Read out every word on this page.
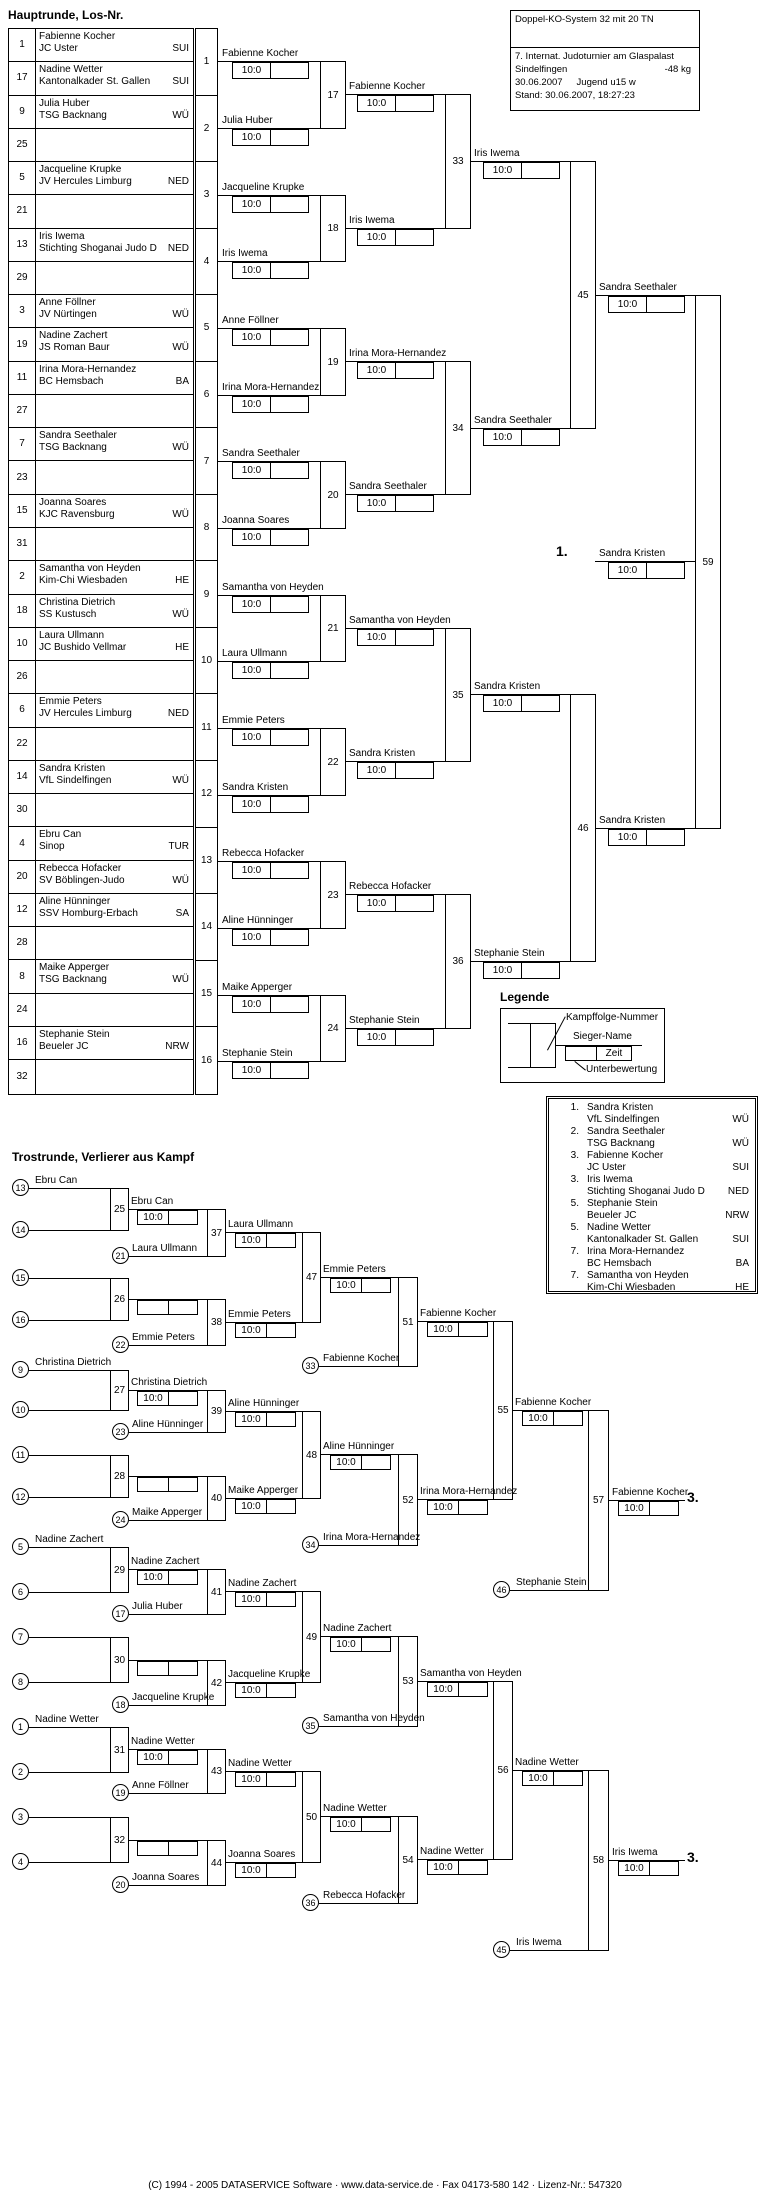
Hauptrunde, Los-Nr.
Trostrunde, Verlierer aus Kampf
Doppel-KO-System 32 mit 20 TN
7. Internat. Judoturnier am Glaspalast
Sindelfingen	-48 kg
30.06.2007 Jugend u15 w
Stand: 30.06.2007, 18:27:23
1
Fabienne Kocher
JC Uster	SUI
17
Nadine Wetter
Kantonalkader St. Gallen SUI
9
Julia Huber
TSG Backnang	WÜ
25
5
Jacqueline Krupke
JV Hercules Limburg	NED
21
13
Iris Iwema
Stichting Shoganai Judo D NED
29
3
Anne Föllner
JV Nürtingen	WÜ
19
Nadine Zachert
JS Roman Baur	WÜ
11
Irina Mora-Hernandez
BC Hemsbach	BA
27
7
Sandra Seethaler
TSG Backnang	WÜ
23
15
Joanna Soares
KJC Ravensburg	WÜ
31
2
Samantha von Heyden
Kim-Chi Wiesbaden	HE
18
Christina Dietrich
SS Kustusch	WÜ
10
Laura Ullmann
JC Bushido Vellmar	HE
26
6
Emmie Peters
JV Hercules Limburg	NED
22
14
Sandra Kristen
VfL Sindelfingen	WÜ
30
4
Ebru Can
Sinop	TUR
20
Rebecca Hofacker
SV Böblingen-Judo	WÜ
12
Aline Hünninger
SSV Homburg-Erbach	SA
28
8
Maike Apperger
TSG Backnang	WÜ
24
16
Stephanie Stein
Beueler JC	NRW
32
1
2
3
4
5
6
7
8
9
10
11
12
13
14
15
16
Fabienne Kocher
10:0
Julia Huber
10:0
Jacqueline Krupke
10:0
Iris Iwema
10:0
Anne Föllner
10:0
Irina Mora-Hernandez
10:0
Sandra Seethaler
10:0
Joanna Soares
10:0
Samantha von Heyden
10:0
Laura Ullmann
10:0
Emmie Peters
10:0
Sandra Kristen
10:0
Rebecca Hofacker
10:0
Aline Hünninger
10:0
Maike Apperger
10:0
Stephanie Stein
10:0
17
Fabienne Kocher
10:0
18
Iris Iwema
10:0
19
Irina Mora-Hernandez
10:0
20
Sandra Seethaler
10:0
21
Samantha von Heyden
10:0
22
Sandra Kristen
10:0
23
Rebecca Hofacker
10:0
24
Stephanie Stein
10:0
33
Iris Iwema
10:0
34
Sandra Seethaler
10:0
35
Sandra Kristen
10:0
36
Stephanie Stein
10:0
45
Sandra Seethaler
10:0
46
Sandra Kristen
10:0
59
1.	Sandra Kristen
10:0
Legende
Kampffolge-Nummer
Sieger-Name
Zeit
Unterbewertung
1. Sandra Kristen
VfL Sindelfingen	WÜ
2. Sandra Seethaler
TSG Backnang	WÜ
3. Fabienne Kocher
JC Uster	SUI
3. Iris Iwema
Stichting Shoganai Judo D NED
5. Stephanie Stein
Beueler JC	NRW
5. Nadine Wetter
Kantonalkader St. Gallen	SUI
7. Irina Mora-Hernandez
BC Hemsbach	BA
7. Samantha von Heyden
Kim-Chi Wiesbaden	HE
13
Ebru Can
14
15
16
9
Christina Dietrich
10
11
12
5
Nadine Zachert
6
7
8
1
Nadine Wetter
2
3
4
25
Ebru Can
10:0
26
27
Christina Dietrich
10:0
28
29
Nadine Zachert
10:0
30
31
Nadine Wetter
10:0
32
21
Laura Ullmann
22
Emmie Peters
23
Aline Hünninger
24
Maike Apperger
17
Julia Huber
18
Jacqueline Krupke
19
Anne Föllner
20
Joanna Soares
37
Laura Ullmann
10:0
38
Emmie Peters
10:0
39
Aline Hünninger
10:0
40
Maike Apperger
10:0
41
Nadine Zachert
10:0
42
Jacqueline Krupke
10:0
43
Nadine Wetter
10:0
44
Joanna Soares
10:0
47
Emmie Peters
10:0
48
Aline Hünninger
10:0
49
Nadine Zachert
10:0
50
Nadine Wetter
10:0
33
Fabienne Kocher
34
Irina Mora-Hernandez
35
Samantha von Heyden
36
Rebecca Hofacker
51
Fabienne Kocher
10:0
52
Irina Mora-Hernandez
10:0
53
Samantha von Heyden
10:0
54
Nadine Wetter
10:0
55
Fabienne Kocher
10:0
56
Nadine Wetter
10:0
46
Stephanie Stein
45
Iris Iwema
57
Fabienne Kocher
10:0
3.
58
Iris Iwema
10:0
3.
(C) 1994 - 2005 DATASERVICE Software · www.data-service.de · Fax 04173-580 142 · Lizenz-Nr.: 547320
